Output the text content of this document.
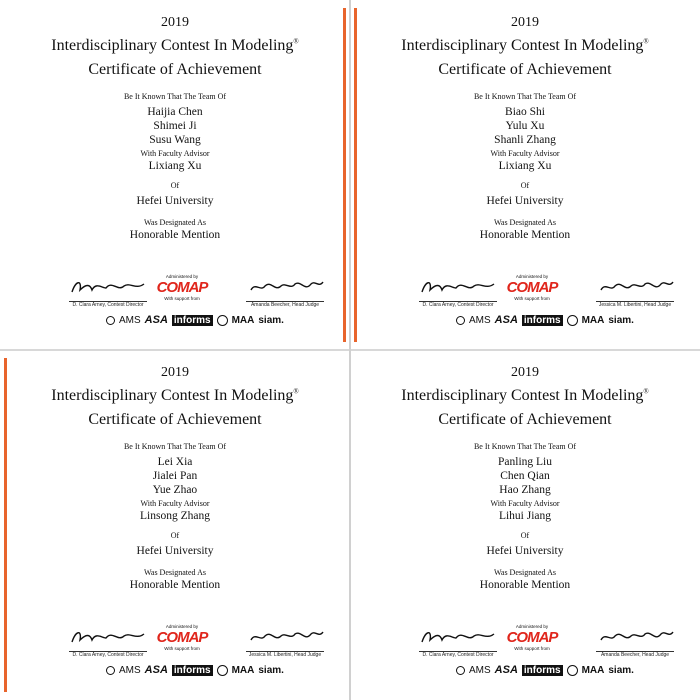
2019
Interdisciplinary Contest In Modeling®
Certificate of Achievement
Be It Known That The Team Of
Haijia Chen
Shimei Ji
Susu Wang
With Faculty Advisor
Lixiang Xu
Of
Hefei University
Was Designated As
Honorable Mention
D. Clara Arney, Contest Director
Administered by
COMAP
With support from
Amanda Beecher, Head Judge
AMS ASA informs MAA siam.
2019
Interdisciplinary Contest In Modeling®
Certificate of Achievement
Be It Known That The Team Of
Biao Shi
Yulu Xu
Shanli Zhang
With Faculty Advisor
Lixiang Xu
Of
Hefei University
Was Designated As
Honorable Mention
D. Clara Arney, Contest Director
Administered by
COMAP
With support from
Jessica M. Libertini, Head Judge
AMS ASA informs MAA siam.
2019
Interdisciplinary Contest In Modeling®
Certificate of Achievement
Be It Known That The Team Of
Lei Xia
Jialei Pan
Yue Zhao
With Faculty Advisor
Linsong Zhang
Of
Hefei University
Was Designated As
Honorable Mention
D. Clara Arney, Contest Director
Administered by
COMAP
With support from
Jessica M. Libertini, Head Judge
AMS ASA informs MAA siam.
2019
Interdisciplinary Contest In Modeling®
Certificate of Achievement
Be It Known That The Team Of
Panling Liu
Chen Qian
Hao Zhang
With Faculty Advisor
Lihui Jiang
Of
Hefei University
Was Designated As
Honorable Mention
D. Clara Arney, Contest Director
Administered by
COMAP
With support from
Amanda Beecher, Head Judge
AMS ASA informs MAA siam.
